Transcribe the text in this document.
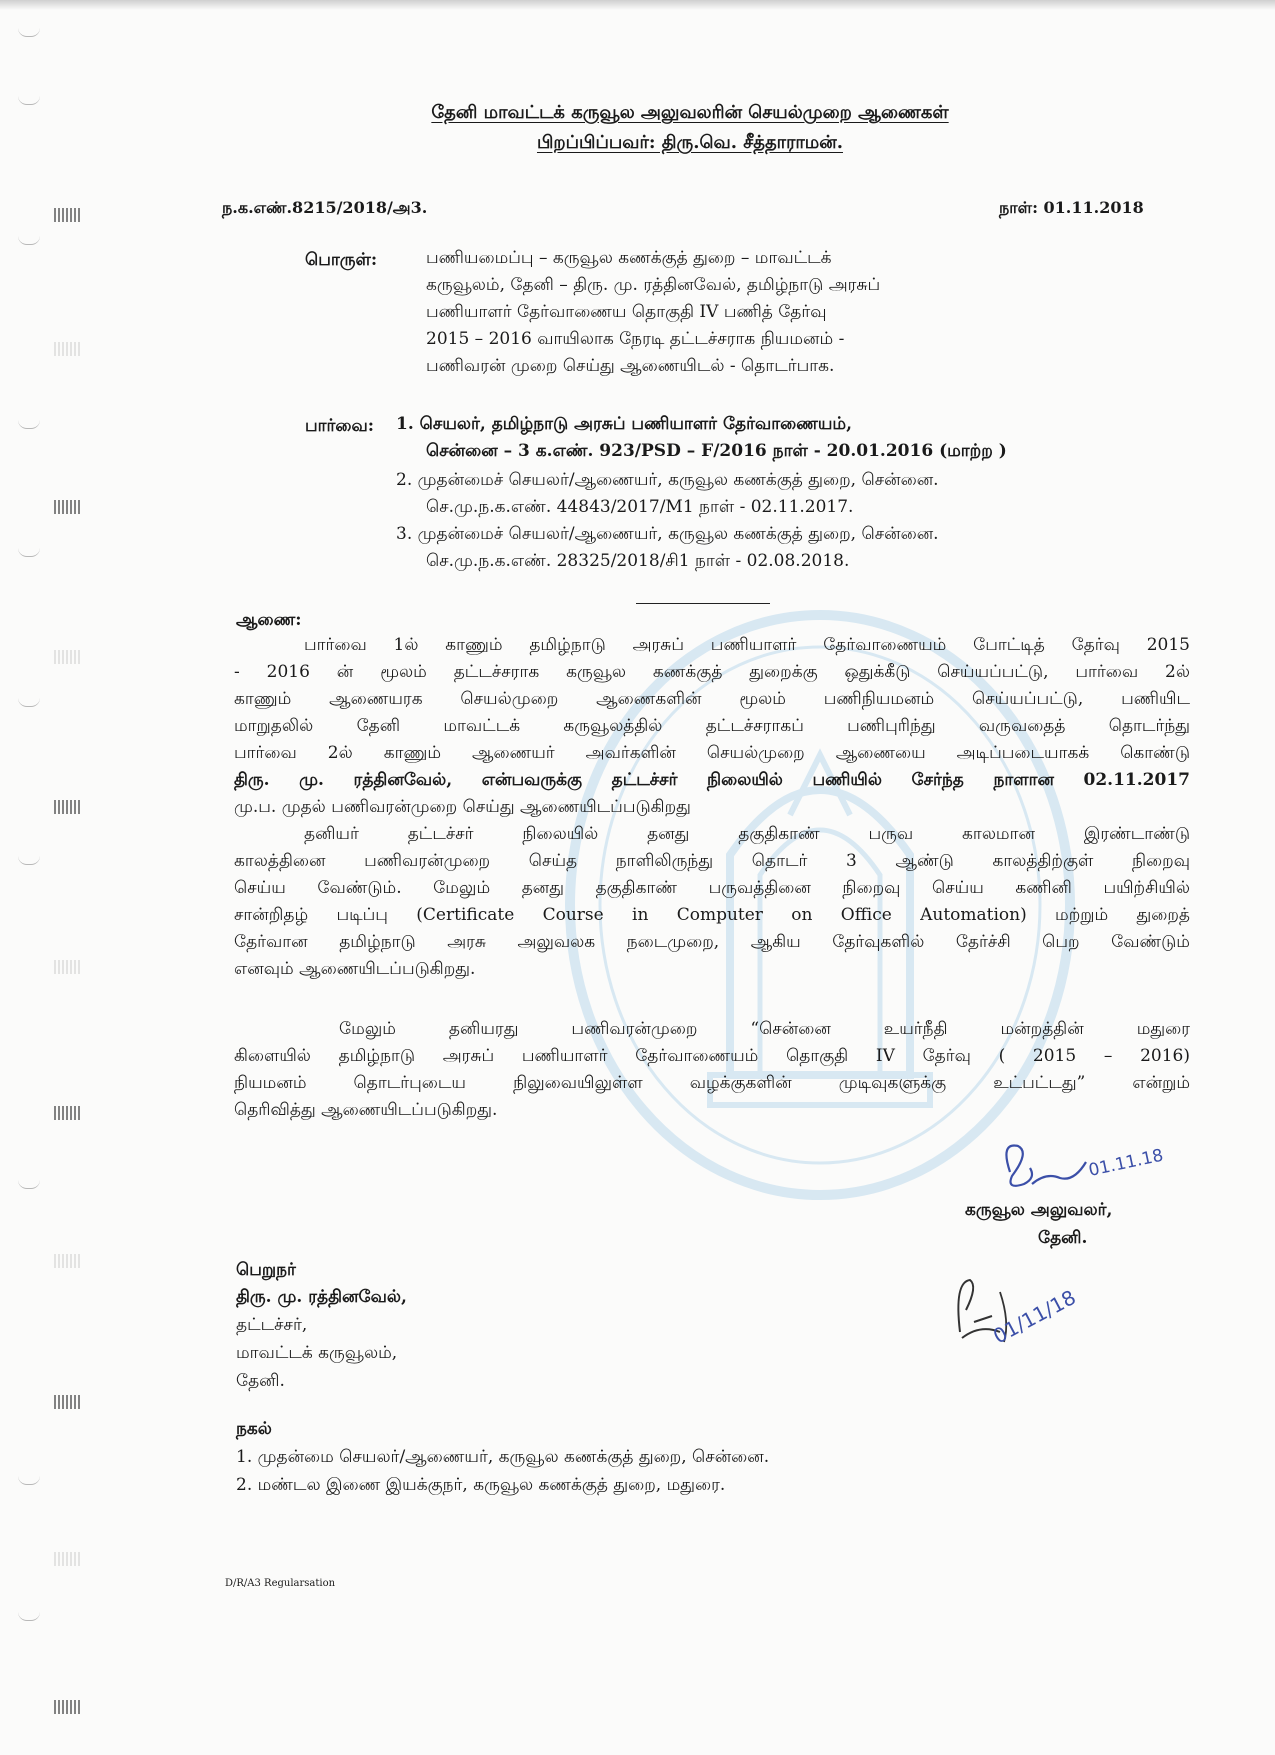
தேனி மாவட்டக் கருவூல அலுவலரின் செயல்முறை ஆணைகள்
பிறப்பிப்பவர்: திரு.வெ. சீத்தாராமன்.
ந.க.எண்.8215/2018/அ3.	நாள்: 01.11.2018
பொருள்:	பணியமைப்பு – கருவூல கணக்குத் துறை – மாவட்டக்
கருவூலம், தேனி – திரு. மு. ரத்தினவேல், தமிழ்நாடு அரசுப்
பணியாளர் தேர்வாணைய தொகுதி IV பணித் தேர்வு
2015 – 2016 வாயிலாக நேரடி தட்டச்சராக நியமனம் -
பணிவரன் முறை செய்து ஆணையிடல் - தொடர்பாக.
பார்வை: 1. செயலர், தமிழ்நாடு அரசுப் பணியாளர் தேர்வாணையம்,
சென்னை – 3 க.எண். 923/PSD – F/2016 நாள் - 20.01.2016 (மாற்ற )
2. முதன்மைச் செயலர்/ஆணையர், கருவூல கணக்குத் துறை, சென்னை.
செ.மு.ந.க.எண். 44843/2017/M1 நாள் - 02.11.2017.
3. முதன்மைச் செயலர்/ஆணையர், கருவூல கணக்குத் துறை, சென்னை.
செ.மு.ந.க.எண். 28325/2018/சி1 நாள் - 02.08.2018.
ஆணை:
பார்வை 1ல் காணும் தமிழ்நாடு அரசுப் பணியாளர் தேர்வாணையம் போட்டித் தேர்வு 2015
- 2016 ன் மூலம் தட்டச்சராக கருவூல கணக்குத் துறைக்கு ஒதுக்கீடு செய்யப்பட்டு, பார்வை 2ல்
காணும் ஆணையரக செயல்முறை ஆணைகளின் மூலம் பணிநியமனம் செய்யப்பட்டு, பணியிட
மாறுதலில் தேனி மாவட்டக் கருவூலத்தில் தட்டச்சராகப் பணிபுரிந்து வருவதைத் தொடர்ந்து
பார்வை 2ல் காணும் ஆணையர் அவர்களின் செயல்முறை ஆணையை அடிப்படையாகக் கொண்டு
திரு. மு. ரத்தினவேல், என்பவருக்கு தட்டச்சர் நிலையில் பணியில் சேர்ந்த நாளான 02.11.2017
மு.ப. முதல் பணிவரன்முறை செய்து ஆணையிடப்படுகிறது
தனியர் தட்டச்சர் நிலையில் தனது தகுதிகாண் பருவ காலமான இரண்டாண்டு
காலத்தினை பணிவரன்முறை செய்த நாளிலிருந்து தொடர் 3 ஆண்டு காலத்திற்குள் நிறைவு
செய்ய வேண்டும். மேலும் தனது தகுதிகாண் பருவத்தினை நிறைவு செய்ய கணினி பயிற்சியில்
சான்றிதழ் படிப்பு (Certificate Course in Computer on Office Automation) மற்றும் துறைத்
தேர்வான தமிழ்நாடு அரசு அலுவலக நடைமுறை, ஆகிய தேர்வுகளில் தேர்ச்சி பெற வேண்டும்
எனவும் ஆணையிடப்படுகிறது.
மேலும் தனியரது பணிவரன்முறை “சென்னை உயர்நீதி மன்றத்தின் மதுரை
கிளையில் தமிழ்நாடு அரசுப் பணியாளர் தேர்வாணையம் தொகுதி IV தேர்வு ( 2015 – 2016)
நியமனம் தொடர்புடைய நிலுவையிலுள்ள வழக்குகளின் முடிவுகளுக்கு உட்பட்டது” என்றும்
தெரிவித்து ஆணையிடப்படுகிறது.
01.11.18
கருவூல அலுவலர்,
தேனி.
பெறுநர்
திரு. மு. ரத்தினவேல்,
தட்டச்சர்,
மாவட்டக் கருவூலம்,
தேனி.
01/11/18
நகல்
1. முதன்மை செயலர்/ஆணையர், கருவூல கணக்குத் துறை, சென்னை.
2. மண்டல இணை இயக்குநர், கருவூல கணக்குத் துறை, மதுரை.
D/R/A3 Regularsation
